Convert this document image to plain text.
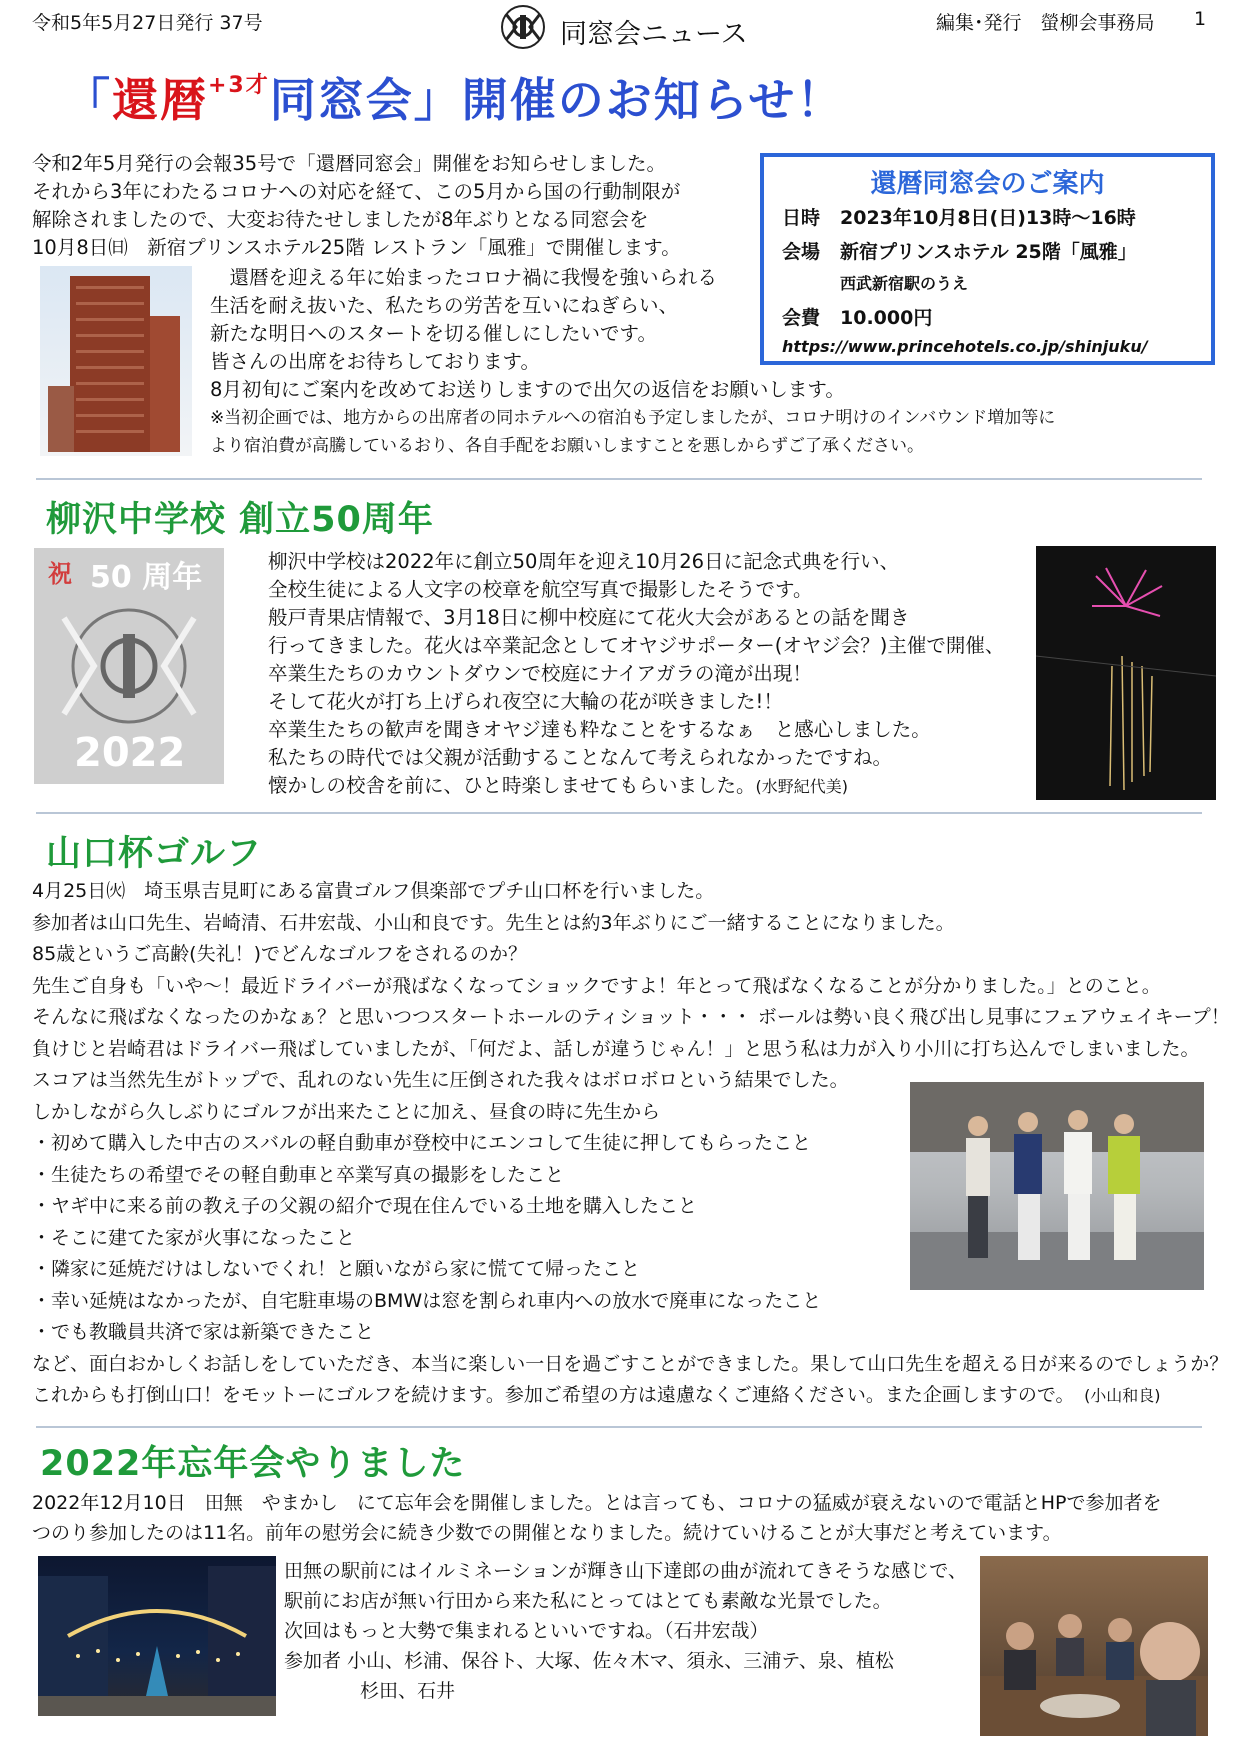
令和5年5月27日発行 37号	同窓会ニュース	編集･発行　螢柳会事務局 1
「還暦$^{+3才}$同窓会」開催のお知らせ！
令和2年5月発行の会報35号で「還暦同窓会」開催をお知らせしました。
それから3年にわたるコロナへの対応を経て、この5月から国の行動制限が
解除されましたので、大変お待たせしましたが8年ぶりとなる同窓会を
10月8日㈰　新宿プリンスホテル25階 レストラン「風雅」で開催します。
　還暦を迎える年に始まったコロナ禍に我慢を強いられる
生活を耐え抜いた、私たちの労苦を互いにねぎらい、
新たな明日へのスタートを切る催しにしたいです。
皆さんの出席をお待ちしております。
8月初旬にご案内を改めてお送りしますので出欠の返信をお願いします。
※当初企画では、地方からの出席者の同ホテルへの宿泊も予定しましたが、コロナ明けのインバウンド増加等に
より宿泊費が高騰しているおり、各自手配をお願いしますことを悪しからずご了承ください。
還暦同窓会のご案内
日時 2023年10月8日(日)13時～16時
会場 新宿プリンスホテル 25階「風雅」
西武新宿駅のうえ
会費 10.000円
https://www.princehotels.co.jp/shinjuku/
柳沢中学校 創立50周年
祝 50 周年
2022
柳沢中学校は2022年に創立50周年を迎え10月26日に記念式典を行い、
全校生徒による人文字の校章を航空写真で撮影したそうです。
般戸青果店情報で、3月18日に柳中校庭にて花火大会があるとの話を聞き
行ってきました。花火は卒業記念としてオヤジサポーター(オヤジ会？)主催で開催、
卒業生たちのカウントダウンで校庭にナイアガラの滝が出現！
そして花火が打ち上げられ夜空に大輪の花が咲きました!！
卒業生たちの歓声を聞きオヤジ達も粋なことをするなぁ　と感心しました。
私たちの時代では父親が活動することなんて考えられなかったですね。
懐かしの校舎を前に、ひと時楽しませてもらいました。(水野紀代美)
山口杯ゴルフ
4月25日㈫　埼玉県吉見町にある富貴ゴルフ倶楽部でプチ山口杯を行いました。
参加者は山口先生、岩崎清、石井宏哉、小山和良です。先生とは約3年ぶりにご一緒することになりました。
85歳というご高齢(失礼！)でどんなゴルフをされるのか？
先生ご自身も「いや～！最近ドライバーが飛ばなくなってショックですよ！年とって飛ばなくなることが分かりました。」とのこと。
そんなに飛ばなくなったのかなぁ？と思いつつスタートホールのティショット・・・ ボールは勢い良く飛び出し見事にフェアウェイキープ！
負けじと岩崎君はドライバー飛ばしていましたが、「何だよ、話しが違うじゃん！」と思う私は力が入り小川に打ち込んでしまいました。
スコアは当然先生がトップで、乱れのない先生に圧倒された我々はボロボロという結果でした。
しかしながら久しぶりにゴルフが出来たことに加え、昼食の時に先生から
・初めて購入した中古のスバルの軽自動車が登校中にエンコして生徒に押してもらったこと
・生徒たちの希望でその軽自動車と卒業写真の撮影をしたこと
・ヤギ中に来る前の教え子の父親の紹介で現在住んでいる土地を購入したこと
・そこに建てた家が火事になったこと
・隣家に延焼だけはしないでくれ！と願いながら家に慌てて帰ったこと
・幸い延焼はなかったが、自宅駐車場のBMWは窓を割られ車内への放水で廃車になったこと
・でも教職員共済で家は新築できたこと
など、面白おかしくお話しをしていただき、本当に楽しい一日を過ごすことができました。果して山口先生を超える日が来るのでしょうか？
これからも打倒山口！をモットーにゴルフを続けます。参加ご希望の方は遠慮なくご連絡ください。また企画しますので。　 (小山和良)
2022年忘年会やりました
2022年12月10日　田無　やまかし　にて忘年会を開催しました。とは言っても、コロナの猛威が衰えないので電話とHPで参加者を
つのり参加したのは11名。前年の慰労会に続き少数での開催となりました。続けていけることが大事だと考えています。
田無の駅前にはイルミネーションが輝き山下達郎の曲が流れてきそうな感じで、
駅前にお店が無い行田から来た私にとってはとても素敵な光景でした。
次回はもっと大勢で集まれるといいですね。（石井宏哉）
参加者 小山、杉浦、保谷ト、大塚、佐々木マ、須永、三浦テ、泉、植松
　　　　杉田、石井
